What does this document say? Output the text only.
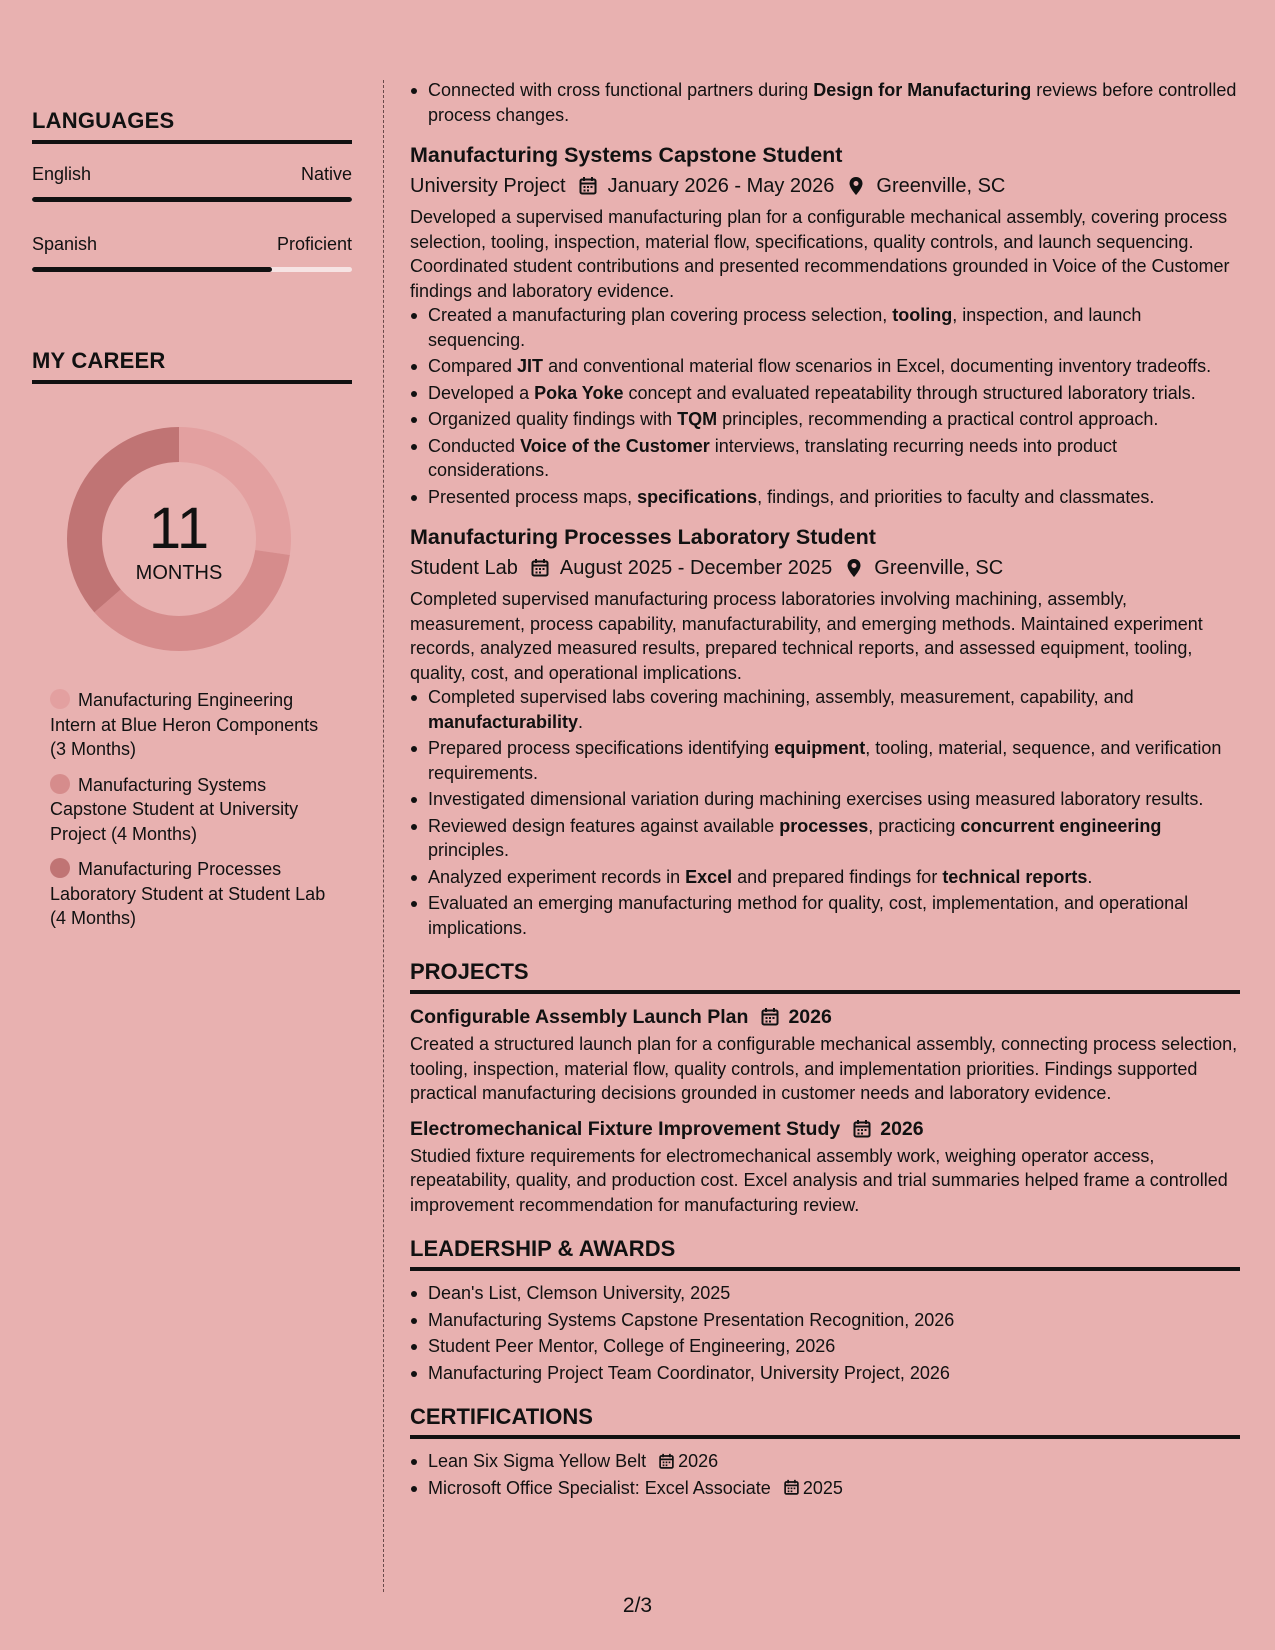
LANGUAGES
English	Native
Spanish	Proficient
MY CAREER
11
MONTHS
Manufacturing Engineering Intern at Blue Heron Components (3 Months)
Manufacturing Systems Capstone Student at University Project (4 Months)
Manufacturing Processes Laboratory Student at Student Lab (4 Months)
Connected with cross functional partners during Design for Manufacturing reviews before controlled process changes.
Manufacturing Systems Capstone Student
University Project January 2026 - May 2026 Greenville, SC
Developed a supervised manufacturing plan for a configurable mechanical assembly, covering process selection, tooling, inspection, material flow, specifications, quality controls, and launch sequencing. Coordinated student contributions and presented recommendations grounded in Voice of the Customer findings and laboratory evidence.
Created a manufacturing plan covering process selection, tooling, inspection, and launch sequencing.
Compared JIT and conventional material flow scenarios in Excel, documenting inventory tradeoffs.
Developed a Poka Yoke concept and evaluated repeatability through structured laboratory trials.
Organized quality findings with TQM principles, recommending a practical control approach.
Conducted Voice of the Customer interviews, translating recurring needs into product considerations.
Presented process maps, specifications, findings, and priorities to faculty and classmates.
Manufacturing Processes Laboratory Student
Student Lab August 2025 - December 2025 Greenville, SC
Completed supervised manufacturing process laboratories involving machining, assembly, measurement, process capability, manufacturability, and emerging methods. Maintained experiment records, analyzed measured results, prepared technical reports, and assessed equipment, tooling, quality, cost, and operational implications.
Completed supervised labs covering machining, assembly, measurement, capability, and manufacturability.
Prepared process specifications identifying equipment, tooling, material, sequence, and verification requirements.
Investigated dimensional variation during machining exercises using measured laboratory results.
Reviewed design features against available processes, practicing concurrent engineering principles.
Analyzed experiment records in Excel and prepared findings for technical reports.
Evaluated an emerging manufacturing method for quality, cost, implementation, and operational implications.
PROJECTS
Configurable Assembly Launch Plan 2026
Created a structured launch plan for a configurable mechanical assembly, connecting process selection, tooling, inspection, material flow, quality controls, and implementation priorities. Findings supported practical manufacturing decisions grounded in customer needs and laboratory evidence.
Electromechanical Fixture Improvement Study 2026
Studied fixture requirements for electromechanical assembly work, weighing operator access, repeatability, quality, and production cost. Excel analysis and trial summaries helped frame a controlled improvement recommendation for manufacturing review.
LEADERSHIP & AWARDS
Dean's List, Clemson University, 2025
Manufacturing Systems Capstone Presentation Recognition, 2026
Student Peer Mentor, College of Engineering, 2026
Manufacturing Project Team Coordinator, University Project, 2026
CERTIFICATIONS
Lean Six Sigma Yellow Belt 2026
Microsoft Office Specialist: Excel Associate 2025
2/3
